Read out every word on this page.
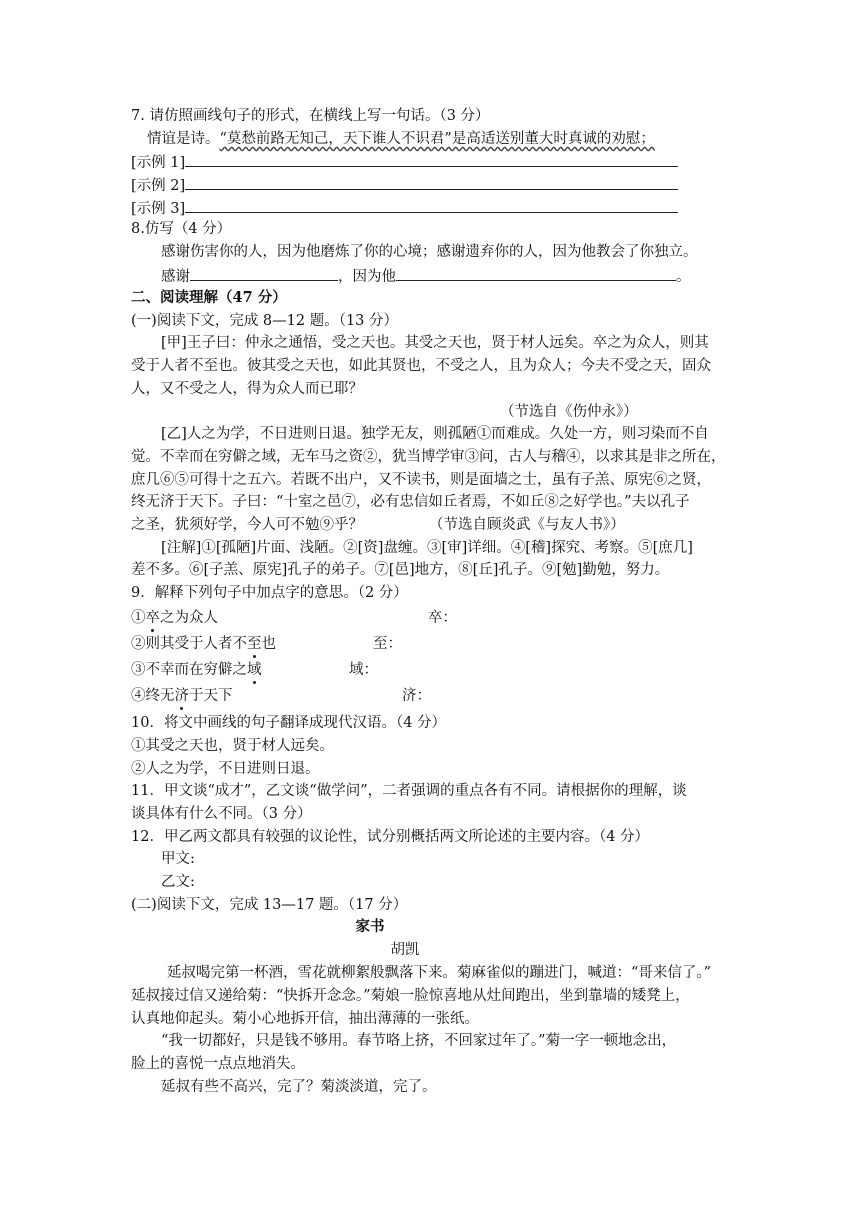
7. 请仿照画线句子的形式，在横线上写一句话。（3 分）
情谊是诗。“莫愁前路无知己，天下谁人不识君”是高适送别董大时真诚的劝慰；
[示例 1]
[示例 2]
[示例 3]
8.仿写（4 分）
感谢伤害你的人，因为他磨炼了你的心境；感谢遗弃你的人，因为他教会了你独立。
感谢	，因为他	。
二、阅读理解（47 分）
(一)阅读下文，完成 8—12 题。（13 分）
[甲]王子曰：仲永之通悟，受之天也。其受之天也，贤于材人远矣。卒之为众人，则其
受于人者不至也。彼其受之天也，如此其贤也，不受之人，且为众人；今夫不受之天，固众
人，又不受之人，得为众人而已耶？
（节选自《伤仲永》）
[乙]人之为学，不日进则日退。独学无友，则孤陋①而难成。久处一方，则习染而不自
觉。不幸而在穷僻之域，无车马之资②，犹当博学审③问，古人与稽④，以求其是非之所在，
庶几⑥⑤可得十之五六。若既不出户，又不读书，则是面墙之士，虽有子羔、原宪⑥之贤，
终无济于天下。子曰：“十室之邑⑦，必有忠信如丘者焉，不如丘⑧之好学也。”夫以孔子
之圣，犹须好学，今人可不勉⑨乎？	（节选自顾炎武《与友人书》）
[注解]①[孤陋]片面、浅陋。②[资]盘缠。③[审]详细。④[稽]探究、考察。⑤[庶几]
差不多。⑥[子羔、原宪]孔子的弟子。⑦[邑]地方，⑧[丘]孔子。⑨[勉]勤勉，努力。
9．解释下列句子中加点字的意思。（2 分）
①卒之为众人	卒：
②则其受于人者不至也	至：
③不幸而在穷僻之域	域：
④终无济于天下	济：
10．将文中画线的句子翻译成现代汉语。（4 分）
①其受之天也，贤于材人远矣。
②人之为学，不日进则日退。
11．甲文谈“成才”，乙文谈“做学问”，二者强调的重点各有不同。请根据你的理解，谈
谈具体有什么不同。（3 分）
12．甲乙两文都具有较强的议论性，试分别概括两文所论述的主要内容。（4 分）
甲文:
乙文:
(二)阅读下文，完成 13—17 题。（17 分）
家书
胡凯
延叔喝完第一杯酒，雪花就柳絮般飘落下来。菊麻雀似的蹦进门，喊道：“哥来信了。”
延叔接过信又递给菊：“快拆开念念。”菊娘一脸惊喜地从灶间跑出，坐到靠墙的矮凳上，
认真地仰起头。菊小心地拆开信，抽出薄薄的一张纸。
“我一切都好，只是钱不够用。春节咯上挤，不回家过年了。”菊一字一顿地念出，
脸上的喜悦一点点地消失。
延叔有些不高兴，完了？菊淡淡道，完了。
